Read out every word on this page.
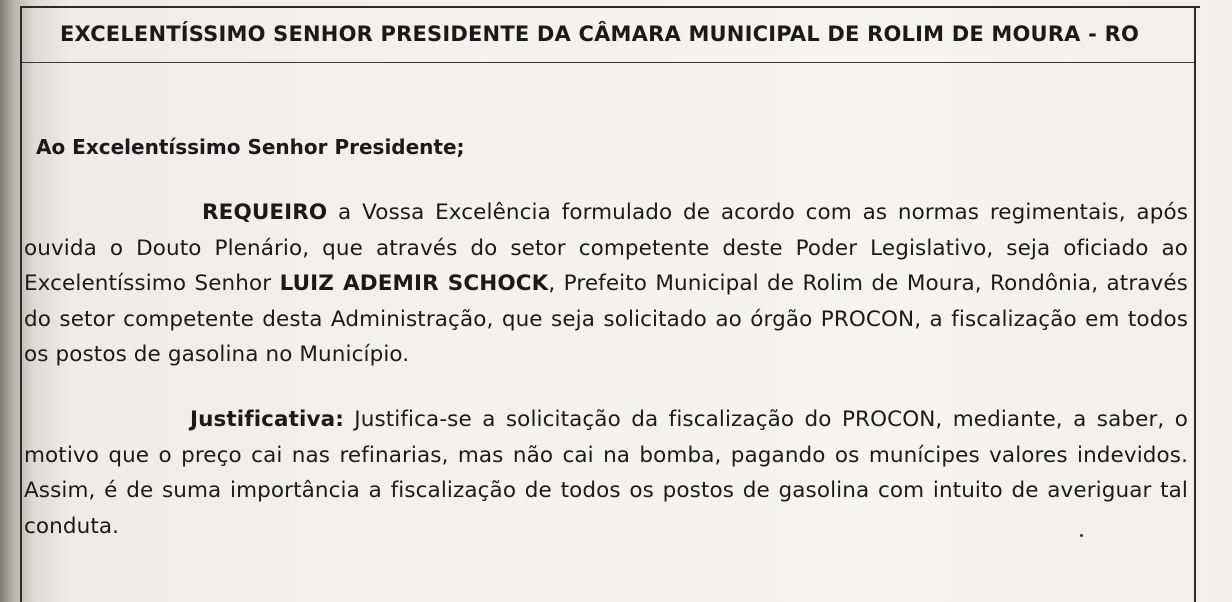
EXCELENTÍSSIMO SENHOR PRESIDENTE DA CÂMARA MUNICIPAL DE ROLIM DE MOURA - RO
Ao Excelentíssimo Senhor Presidente;
REQUEIRO a Vossa Excelência formulado de acordo com as normas regimentais, após ouvida o Douto Plenário, que através do setor competente deste Poder Legislativo, seja oficiado ao Excelentíssimo Senhor LUIZ ADEMIR SCHOCK, Prefeito Municipal de Rolim de Moura, Rondônia, através do setor competente desta Administração, que seja solicitado ao órgão PROCON, a fiscalização em todos os postos de gasolina no Município.
Justificativa: Justifica-se a solicitação da fiscalização do PROCON, mediante, a saber, o motivo que o preço cai nas refinarias, mas não cai na bomba, pagando os munícipes valores indevidos. Assim, é de suma importância a fiscalização de todos os postos de gasolina com intuito de averiguar tal conduta.
